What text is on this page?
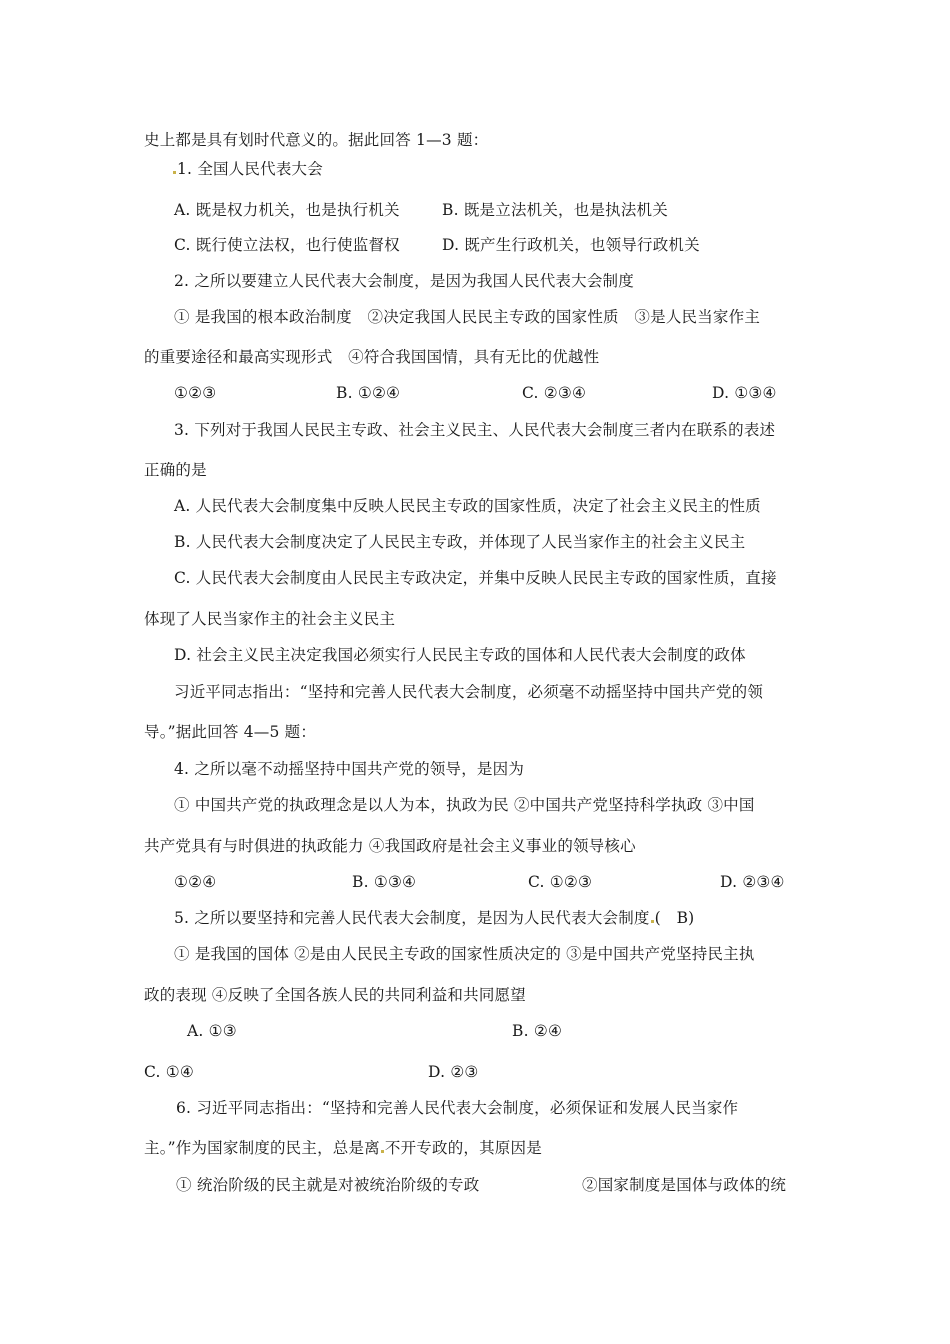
史上都是具有划时代意义的。据此回答 1—3 题：
1. 全国人民代表大会
A. 既是权力机关，也是执行机关	B. 既是立法机关，也是执法机关
C. 既行使立法权，也行使监督权	D. 既产生行政机关，也领导行政机关
2. 之所以要建立人民代表大会制度，是因为我国人民代表大会制度
① 是我国的根本政治制度　②决定我国人民民主专政的国家性质　③是人民当家作主
的重要途径和最高实现形式　④符合我国国情，具有无比的优越性
①②③	B. ①②④	C. ②③④	D. ①③④
3. 下列对于我国人民民主专政、社会主义民主、人民代表大会制度三者内在联系的表述
正确的是
A. 人民代表大会制度集中反映人民民主专政的国家性质，决定了社会主义民主的性质
B. 人民代表大会制度决定了人民民主专政，并体现了人民当家作主的社会主义民主
C. 人民代表大会制度由人民民主专政决定，并集中反映人民民主专政的国家性质，直接
体现了人民当家作主的社会主义民主
D. 社会主义民主决定我国必须实行人民民主专政的国体和人民代表大会制度的政体
习近平同志指出：“坚持和完善人民代表大会制度，必须毫不动摇坚持中国共产党的领
导。”据此回答 4—5 题：
4. 之所以毫不动摇坚持中国共产党的领导，是因为
① 中国共产党的执政理念是以人为本，执政为民 ②中国共产党坚持科学执政 ③中国
共产党具有与时俱进的执政能力 ④我国政府是社会主义事业的领导核心
①②④	B. ①③④	C. ①②③	D. ②③④
5. 之所以要坚持和完善人民代表大会制度，是因为人民代表大会制度 (　B)
① 是我国的国体 ②是由人民民主专政的国家性质决定的 ③是中国共产党坚持民主执
政的表现 ④反映了全国各族人民的共同利益和共同愿望
A. ①③	B. ②④
C. ①④	D. ②③
6. 习近平同志指出：“坚持和完善人民代表大会制度，必须保证和发展人民当家作
主。”作为国家制度的民主，总是离 不开专政的，其原因是
① 统治阶级的民主就是对被统治阶级的专政	②国家制度是国体与政体的统
